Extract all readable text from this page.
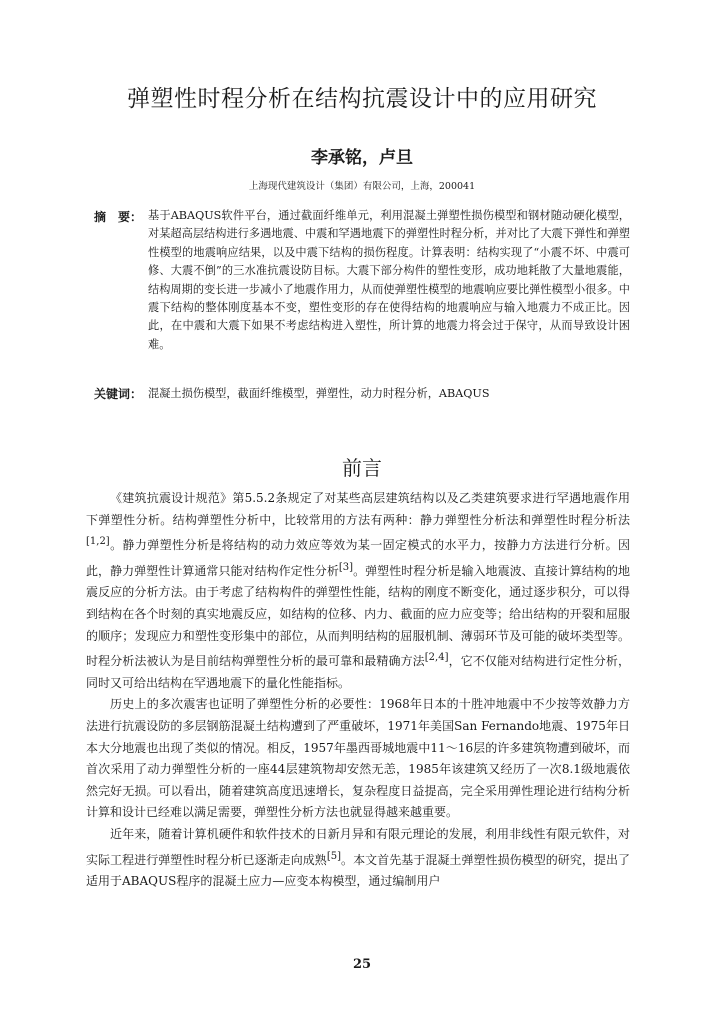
弹塑性时程分析在结构抗震设计中的应用研究
李承铭，卢旦
上海现代建筑设计（集团）有限公司，上海，200041
摘　要： 基于ABAQUS软件平台，通过截面纤维单元，利用混凝土弹塑性损伤模型和钢材随动硬化模型，对某超高层结构进行多遇地震、中震和罕遇地震下的弹塑性时程分析，并对比了大震下弹性和弹塑性模型的地震响应结果，以及中震下结构的损伤程度。计算表明：结构实现了“小震不坏、中震可修、大震不倒”的三水准抗震设防目标。大震下部分构件的塑性变形，成功地耗散了大量地震能，结构周期的变长进一步减小了地震作用力，从而使弹塑性模型的地震响应要比弹性模型小很多。中震下结构的整体刚度基本不变，塑性变形的存在使得结构的地震响应与输入地震力不成正比。因此，在中震和大震下如果不考虑结构进入塑性，所计算的地震力将会过于保守，从而导致设计困难。
关键词： 混凝土损伤模型，截面纤维模型，弹塑性，动力时程分析，ABAQUS
前言

《建筑抗震设计规范》第5.5.2条规定了对某些高层建筑结构以及乙类建筑要求进行罕遇地震作用下弹塑性分析。结构弹塑性分析中，比较常用的方法有两种：静力弹塑性分析法和弹塑性时程分析法[1,2]。静力弹塑性分析是将结构的动力效应等效为某一固定模式的水平力，按静力方法进行分析。因此，静力弹塑性计算通常只能对结构作定性分析[3]。弹塑性时程分析是输入地震波、直接计算结构的地震反应的分析方法。由于考虑了结构构件的弹塑性性能，结构的刚度不断变化，通过逐步积分，可以得到结构在各个时刻的真实地震反应，如结构的位移、内力、截面的应力应变等；给出结构的开裂和屈服的顺序；发现应力和塑性变形集中的部位，从而判明结构的屈服机制、薄弱环节及可能的破坏类型等。时程分析法被认为是目前结构弹塑性分析的最可靠和最精确方法[2,4]，它不仅能对结构进行定性分析，同时又可给出结构在罕遇地震下的量化性能指标。

历史上的多次震害也证明了弹塑性分析的必要性：1968年日本的十胜冲地震中不少按等效静力方法进行抗震设防的多层钢筋混凝土结构遭到了严重破坏，1971年美国San Fernando地震、1975年日本大分地震也出现了类似的情况。相反，1957年墨西哥城地震中11～16层的许多建筑物遭到破坏，而首次采用了动力弹塑性分析的一座44层建筑物却安然无恙，1985年该建筑又经历了一次8.1级地震依然完好无损。可以看出，随着建筑高度迅速增长，复杂程度日益提高，完全采用弹性理论进行结构分析计算和设计已经难以满足需要，弹塑性分析方法也就显得越来越重要。

近年来，随着计算机硬件和软件技术的日新月异和有限元理论的发展，利用非线性有限元软件，对实际工程进行弹塑性时程分析已逐渐走向成熟[5]。本文首先基于混凝土弹塑性损伤模型的研究，提出了适用于ABAQUS程序的混凝土应力—应变本构模型，通过编制用户

25
